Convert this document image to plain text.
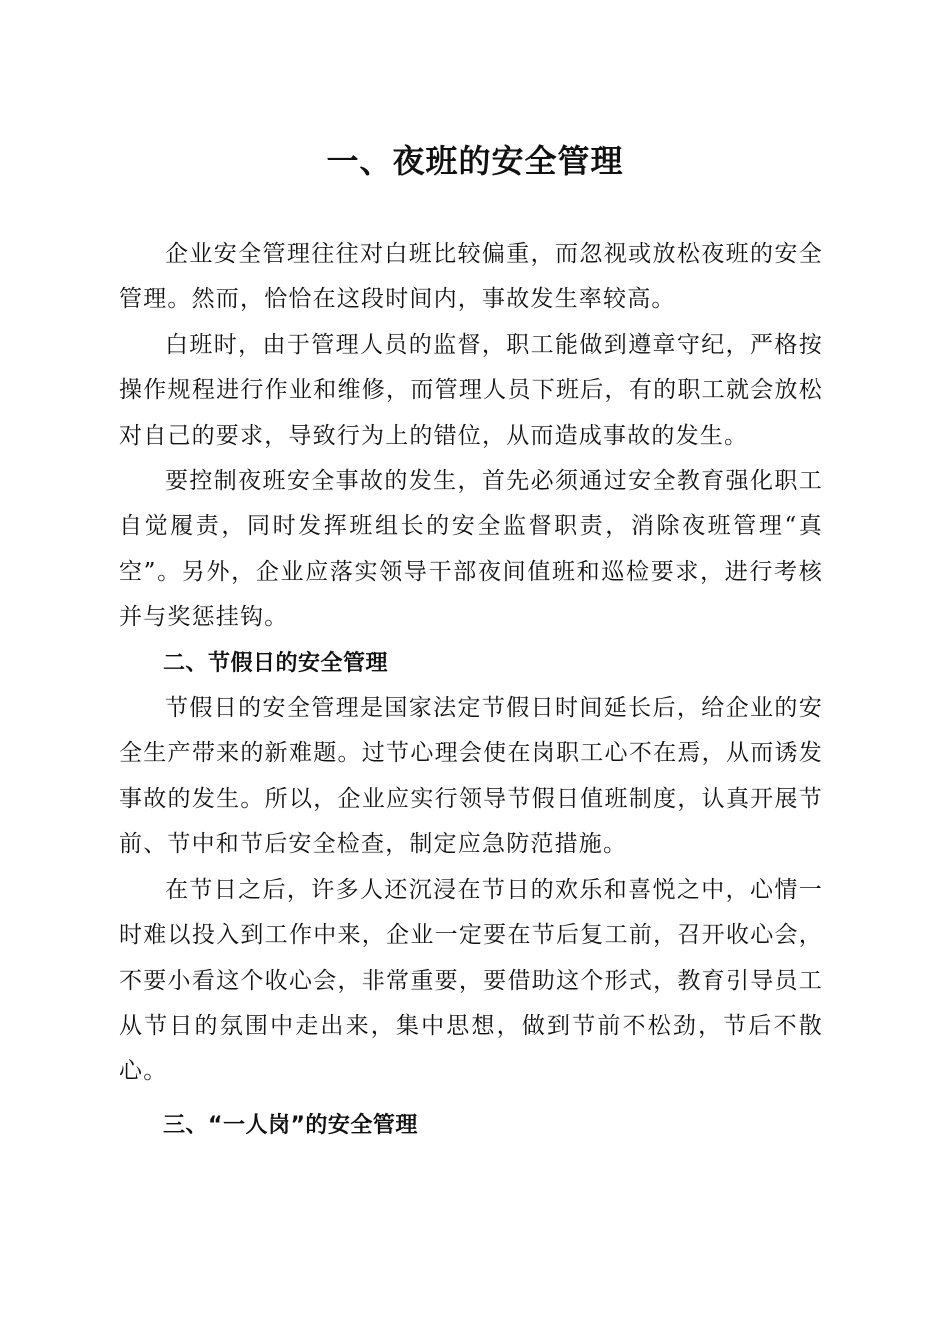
一、夜班的安全管理

企业安全管理往往对白班比较偏重，而忽视或放松夜班的安全管理。然而，恰恰在这段时间内，事故发生率较高。

白班时，由于管理人员的监督，职工能做到遵章守纪，严格按操作规程进行作业和维修，而管理人员下班后，有的职工就会放松对自己的要求，导致行为上的错位，从而造成事故的发生。

要控制夜班安全事故的发生，首先必须通过安全教育强化职工自觉履责，同时发挥班组长的安全监督职责，消除夜班管理“真空”。另外，企业应落实领导干部夜间值班和巡检要求，进行考核并与奖惩挂钩。

二、节假日的安全管理

节假日的安全管理是国家法定节假日时间延长后，给企业的安全生产带来的新难题。过节心理会使在岗职工心不在焉，从而诱发事故的发生。所以，企业应实行领导节假日值班制度，认真开展节前、节中和节后安全检查，制定应急防范措施。

在节日之后，许多人还沉浸在节日的欢乐和喜悦之中，心情一时难以投入到工作中来，企业一定要在节后复工前，召开收心会，不要小看这个收心会，非常重要，要借助这个形式，教育引导员工从节日的氛围中走出来，集中思想，做到节前不松劲，节后不散心。

三、“一人岗”的安全管理
